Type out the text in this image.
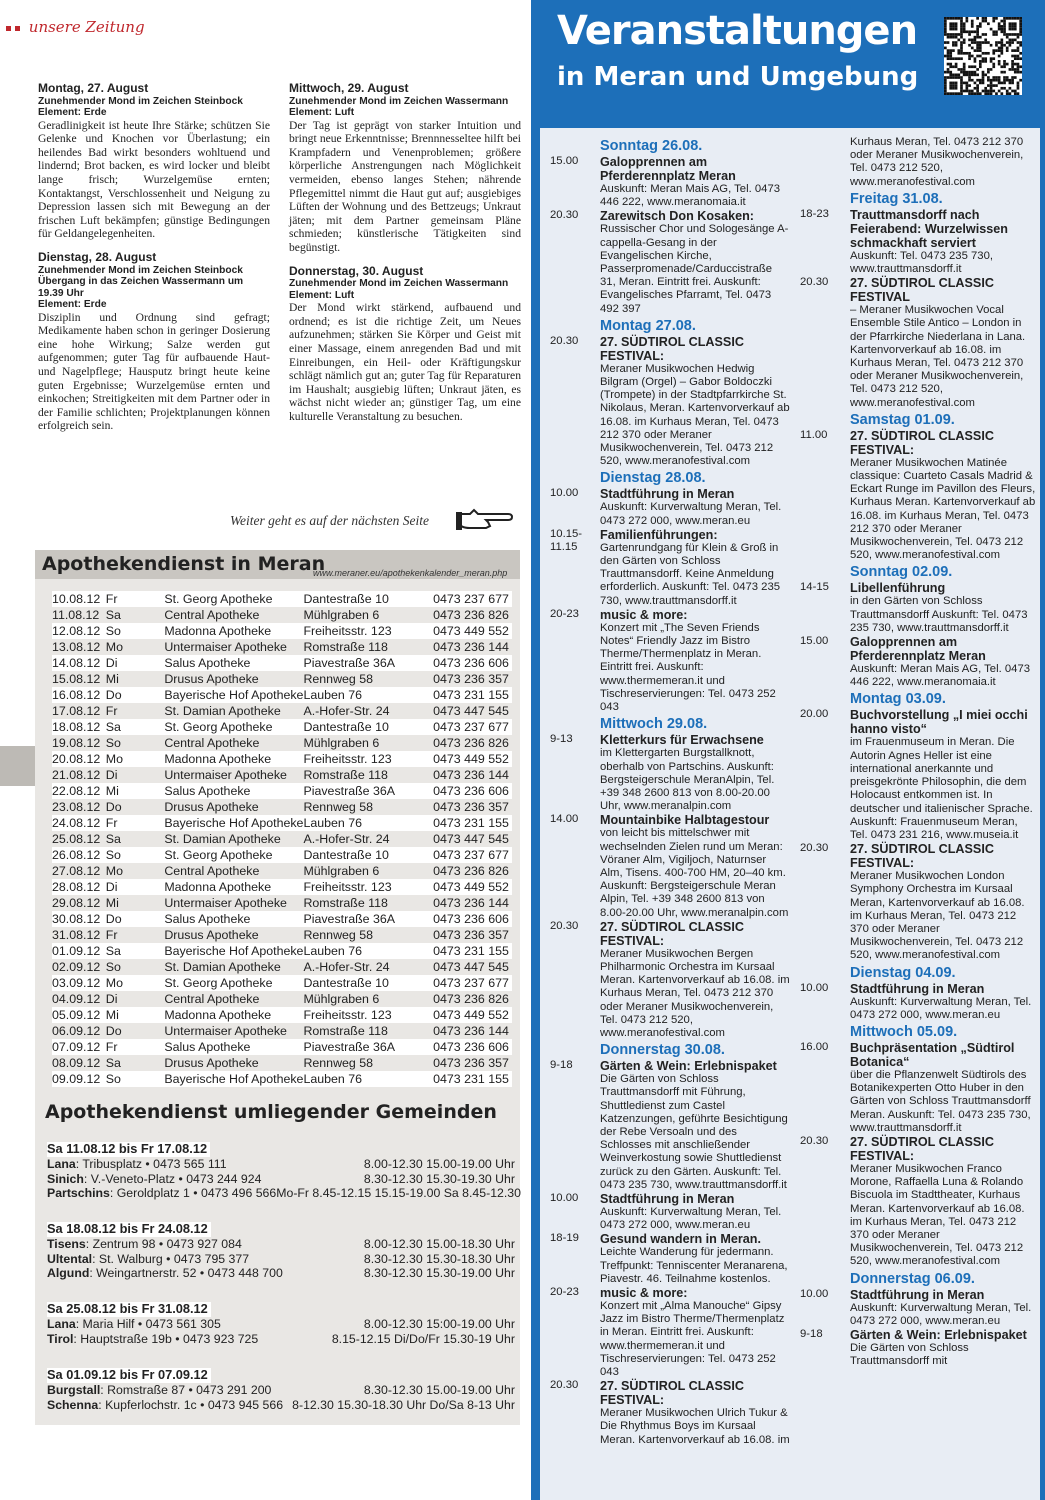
unsere Zeitung
Montag, 27. August
Zunehmender Mond im Zeichen Steinbock
Element: Erde

Geradlinigkeit ist heute Ihre Stärke; schützen Sie Gelenke und Knochen vor Überlastung; ein heilendes Bad wirkt besonders wohltuend und lindernd; Brot backen, es wird locker und bleibt lange frisch; Wurzelgemüse ernten; Kontaktangst, Verschlossenheit und Neigung zu Depression lassen sich mit Bewegung an der frischen Luft bekämpfen; günstige Bedingungen für Geldangelegenheiten.

Dienstag, 28. August
Zunehmender Mond im Zeichen Steinbock
Übergang in das Zeichen Wassermann um 19.39 Uhr
Element: Erde

Disziplin und Ordnung sind gefragt; Medikamente haben schon in geringer Dosierung eine hohe Wirkung; Salze werden gut aufgenommen; guter Tag für aufbauende Haut- und Nagelpflege; Hausputz bringt heute keine guten Ergebnisse; Wurzelgemüse ernten und einkochen; Streitigkeiten mit dem Partner oder in der Familie schlichten; Projektplanungen können erfolgreich sein.

Mittwoch, 29. August
Zunehmender Mond im Zeichen Wassermann
Element: Luft

Der Tag ist geprägt von starker Intuition und bringt neue Erkenntnisse; Brennnesseltee hilft bei Krampfadern und Venenproblemen; größere körperliche Anstrengungen nach Möglichkeit vermeiden, ebenso langes Stehen; nährende Pflegemittel nimmt die Haut gut auf; ausgiebiges Lüften der Wohnung und des Bettzeugs; Unkraut jäten; mit dem Partner gemeinsam Pläne schmieden; künstlerische Tätigkeiten sind begünstigt.

Donnerstag, 30. August
Zunehmender Mond im Zeichen Wassermann
Element: Luft

Der Mond wirkt stärkend, aufbauend und ordnend; es ist die richtige Zeit, um Neues aufzunehmen; stärken Sie Körper und Geist mit einer Massage, einem anregenden Bad und mit Einreibungen, ein Heil- oder Kräftigungskur schlägt nämlich gut an; guter Tag für Reparaturen im Haushalt; ausgiebig lüften; Unkraut jäten, es wächst nicht wieder an; günstiger Tag, um eine kulturelle Veranstaltung zu besuchen.

Weiter geht es auf der nächsten Seite
Apothekendienst in Meran
www.meraner.eu/apothekenkalender_meran.php
10.08.12	Fr	St. Georg Apotheke	Dantestraße 10	0473 237 677
11.08.12	Sa	Central Apotheke	Mühlgraben 6	0473 236 826
12.08.12	So	Madonna Apotheke	Freiheitsstr. 123	0473 449 552
13.08.12	Mo	Untermaiser Apotheke	Romstraße 118	0473 236 144
14.08.12	Di	Salus Apotheke	Piavestraße 36A	0473 236 606
15.08.12	Mi	Drusus Apotheke	Rennweg 58	0473 236 357
16.08.12	Do	Bayerische Hof Apotheke	Lauben 76	0473 231 155
17.08.12	Fr	St. Damian Apotheke	A.-Hofer-Str. 24	0473 447 545
18.08.12	Sa	St. Georg Apotheke	Dantestraße 10	0473 237 677
19.08.12	So	Central Apotheke	Mühlgraben 6	0473 236 826
20.08.12	Mo	Madonna Apotheke	Freiheitsstr. 123	0473 449 552
21.08.12	Di	Untermaiser Apotheke	Romstraße 118	0473 236 144
22.08.12	Mi	Salus Apotheke	Piavestraße 36A	0473 236 606
23.08.12	Do	Drusus Apotheke	Rennweg 58	0473 236 357
24.08.12	Fr	Bayerische Hof Apotheke	Lauben 76	0473 231 155
25.08.12	Sa	St. Damian Apotheke	A.-Hofer-Str. 24	0473 447 545
26.08.12	So	St. Georg Apotheke	Dantestraße 10	0473 237 677
27.08.12	Mo	Central Apotheke	Mühlgraben 6	0473 236 826
28.08.12	Di	Madonna Apotheke	Freiheitsstr. 123	0473 449 552
29.08.12	Mi	Untermaiser Apotheke	Romstraße 118	0473 236 144
30.08.12	Do	Salus Apotheke	Piavestraße 36A	0473 236 606
31.08.12	Fr	Drusus Apotheke	Rennweg 58	0473 236 357
01.09.12	Sa	Bayerische Hof Apotheke	Lauben 76	0473 231 155
02.09.12	So	St. Damian Apotheke	A.-Hofer-Str. 24	0473 447 545
03.09.12	Mo	St. Georg Apotheke	Dantestraße 10	0473 237 677
04.09.12	Di	Central Apotheke	Mühlgraben 6	0473 236 826
05.09.12	Mi	Madonna Apotheke	Freiheitsstr. 123	0473 449 552
06.09.12	Do	Untermaiser Apotheke	Romstraße 118	0473 236 144
07.09.12	Fr	Salus Apotheke	Piavestraße 36A	0473 236 606
08.09.12	Sa	Drusus Apotheke	Rennweg 58	0473 236 357
09.09.12	So	Bayerische Hof Apotheke	Lauben 76	0473 231 155
Apothekendienst umliegender Gemeinden
Sa 11.08.12 bis Fr 17.08.12
Lana: Tribusplatz • 0473 565 111	8.00-12.30 15.00-19.00 Uhr
Sinich: V.-Veneto-Platz • 0473 244 924	8.30-12.30 15.30-19.30 Uhr
Partschins: Geroldplatz 1 • 0473 496 566 Mo-Fr 8.45-12.15 15.15-19.00 Sa 8.45-12.30
Sa 18.08.12 bis Fr 24.08.12
Tisens: Zentrum 98 • 0473 927 084	8.00-12.30 15.00-18.30 Uhr
Ultental: St. Walburg • 0473 795 377	8.30-12.30 15.30-18.30 Uhr
Algund: Weingartnerstr. 52 • 0473 448 700	8.30-12.30 15.30-19.00 Uhr
Sa 25.08.12 bis Fr 31.08.12
Lana: Maria Hilf • 0473 561 305	8.00-12.30 15:00-19.00 Uhr
Tirol: Hauptstraße 19b • 0473 923 725	8.15-12.15 Di/Do/Fr 15.30-19 Uhr
Sa 01.09.12 bis Fr 07.09.12
Burgstall: Romstraße 87 • 0473 291 200	8.30-12.30 15.00-19.00 Uhr
Schenna: Kupferlochstr. 1c • 0473 945 566 8-12.30 15.30-18.30 Uhr Do/Sa 8-13 Uhr
Veranstaltungen
in Meran und Umgebung
Sonntag 26.08.
15.00	Galopprennen am Pferderennplatz Meran
Auskunft: Meran Mais AG, Tel. 0473 446 222, www.meranomaia.it
20.30	Zarewitsch Don Kosaken:
Russischer Chor und Sologesänge A-cappella-Gesang in der Evangelischen Kirche, Passerpromenade/Carduccistraße 31, Meran. Eintritt frei. Auskunft: Evangelisches Pfarramt, Tel. 0473 492 397
Montag 27.08.
20.30	27. SÜDTIROL CLASSIC FESTIVAL:
Meraner Musikwochen Hedwig Bilgram (Orgel) – Gabor Boldoczki (Trompete) in der Stadtpfarrkirche St. Nikolaus, Meran. Kartenvorverkauf ab 16.08. im Kurhaus Meran, Tel. 0473 212 370 oder Meraner Musikwochenverein, Tel. 0473 212 520, www.meranofestival.com
Dienstag 28.08.
10.00	Stadtführung in Meran
Auskunft: Kurverwaltung Meran, Tel. 0473 272 000, www.meran.eu
10.15-11.15
Familienführungen:
Gartenrundgang für Klein & Groß in den Gärten von Schloss Trauttmansdorff. Keine Anmeldung erforderlich. Auskunft: Tel. 0473 235 730, www.trauttmansdorff.it
20-23	music & more:
Konzert mit „The Seven Friends Notes“ Friendly Jazz im Bistro Therme/Thermenplatz in Meran. Eintritt frei. Auskunft: www.thermemeran.it und Tischreservierungen: Tel. 0473 252 043
Mittwoch 29.08.
9-13	Kletterkurs für Erwachsene
im Klettergarten Burgstallknott, oberhalb von Partschins. Auskunft: Bergsteigerschule MeranAlpin, Tel. +39 348 2600 813 von 8.00-20.00 Uhr, www.meranalpin.com
14.00	Mountainbike Halbtagestour
von leicht bis mittelschwer mit wechselnden Zielen rund um Meran: Vöraner Alm, Vigiljoch, Naturnser Alm, Tisens. 400-700 HM, 20–40 km. Auskunft: Bergsteigerschule Meran Alpin, Tel. +39 348 2600 813 von 8.00-20.00 Uhr, www.meranalpin.com
20.30	27. SÜDTIROL CLASSIC FESTIVAL:
Meraner Musikwochen Bergen Philharmonic Orchestra im Kursaal Meran. Kartenvorverkauf ab 16.08. im Kurhaus Meran, Tel. 0473 212 370 oder Meraner Musikwochenverein, Tel. 0473 212 520, www.meranofestival.com
Donnerstag 30.08.
9-18	Gärten & Wein: Erlebnispaket
Die Gärten von Schloss Trauttmansdorff mit Führung, Shuttledienst zum Castel Katzenzungen, geführte Besichtigung der Rebe Versoaln und des Schlosses mit anschließender Weinverkostung sowie Shuttledienst zurück zu den Gärten. Auskunft: Tel. 0473 235 730, www.trauttmansdorff.it
10.00	Stadtführung in Meran
Auskunft: Kurverwaltung Meran, Tel. 0473 272 000, www.meran.eu
18-19	Gesund wandern in Meran.
Leichte Wanderung für jedermann. Treffpunkt: Tenniscenter Meranarena, Piavestr. 46. Teilnahme kostenlos.
20-23	music & more:
Konzert mit „Alma Manouche“ Gipsy Jazz im Bistro Therme/Thermenplatz in Meran. Eintritt frei. Auskunft: www.thermemeran.it und Tischreservierungen: Tel. 0473 252 043
20.30	27. SÜDTIROL CLASSIC FESTIVAL:
Meraner Musikwochen Ulrich Tukur & Die Rhythmus Boys im Kursaal Meran. Kartenvorverkauf ab 16.08. im
Kurhaus Meran, Tel. 0473 212 370 oder Meraner Musikwochenverein, Tel. 0473 212 520, www.meranofestival.com
Freitag 31.08.
18-23	Trauttmansdorff nach Feierabend: Wurzelwissen schmackhaft serviert
Auskunft: Tel. 0473 235 730, www.trauttmansdorff.it
20.30	27. SÜDTIROL CLASSIC FESTIVAL
– Meraner Musikwochen Vocal Ensemble Stile Antico – London in der Pfarrkirche Niederlana in Lana. Kartenvorverkauf ab 16.08. im Kurhaus Meran, Tel. 0473 212 370 oder Meraner Musikwochenverein, Tel. 0473 212 520, www.meranofestival.com
Samstag 01.09.
11.00	27. SÜDTIROL CLASSIC FESTIVAL:
Meraner Musikwochen Matinée classique: Cuarteto Casals Madrid & Eckart Runge im Pavillon des Fleurs, Kurhaus Meran. Kartenvorverkauf ab 16.08. im Kurhaus Meran, Tel. 0473 212 370 oder Meraner Musikwochenverein, Tel. 0473 212 520, www.meranofestival.com
Sonntag 02.09.
14-15	Libellenführung
in den Gärten von Schloss Trauttmansdorff Auskunft: Tel. 0473 235 730, www.trauttmansdorff.it
15.00	Galopprennen am Pferderennplatz Meran
Auskunft: Meran Mais AG, Tel. 0473 446 222, www.meranomaia.it
Montag 03.09.
20.00	Buchvorstellung „I miei occhi hanno visto“
im Frauenmuseum in Meran. Die Autorin Agnes Heller ist eine international anerkannte und preisgekrönte Philosophin, die dem Holocaust entkommen ist. In deutscher und italienischer Sprache. Auskunft: Frauenmuseum Meran, Tel. 0473 231 216, www.museia.it
20.30	27. SÜDTIROL CLASSIC FESTIVAL:
Meraner Musikwochen London Symphony Orchestra im Kursaal Meran, Kartenvorverkauf ab 16.08. im Kurhaus Meran, Tel. 0473 212 370 oder Meraner Musikwochenverein, Tel. 0473 212 520, www.meranofestival.com
Dienstag 04.09.
10.00	Stadtführung in Meran
Auskunft: Kurverwaltung Meran, Tel. 0473 272 000, www.meran.eu
Mittwoch 05.09.
16.00	Buchpräsentation „Südtirol Botanica“
über die Pflanzenwelt Südtirols des Botanikexperten Otto Huber in den Gärten von Schloss Trauttmansdorff Meran. Auskunft: Tel. 0473 235 730, www.trauttmansdorff.it
20.30	27. SÜDTIROL CLASSIC FESTIVAL:
Meraner Musikwochen Franco Morone, Raffaella Luna & Rolando Biscuola im Stadttheater, Kurhaus Meran. Kartenvorverkauf ab 16.08. im Kurhaus Meran, Tel. 0473 212 370 oder Meraner Musikwochenverein, Tel. 0473 212 520, www.meranofestival.com
Donnerstag 06.09.
10.00	Stadtführung in Meran
Auskunft: Kurverwaltung Meran, Tel. 0473 272 000, www.meran.eu
9-18	Gärten & Wein: Erlebnispaket
Die Gärten von Schloss Trauttmansdorff mit
